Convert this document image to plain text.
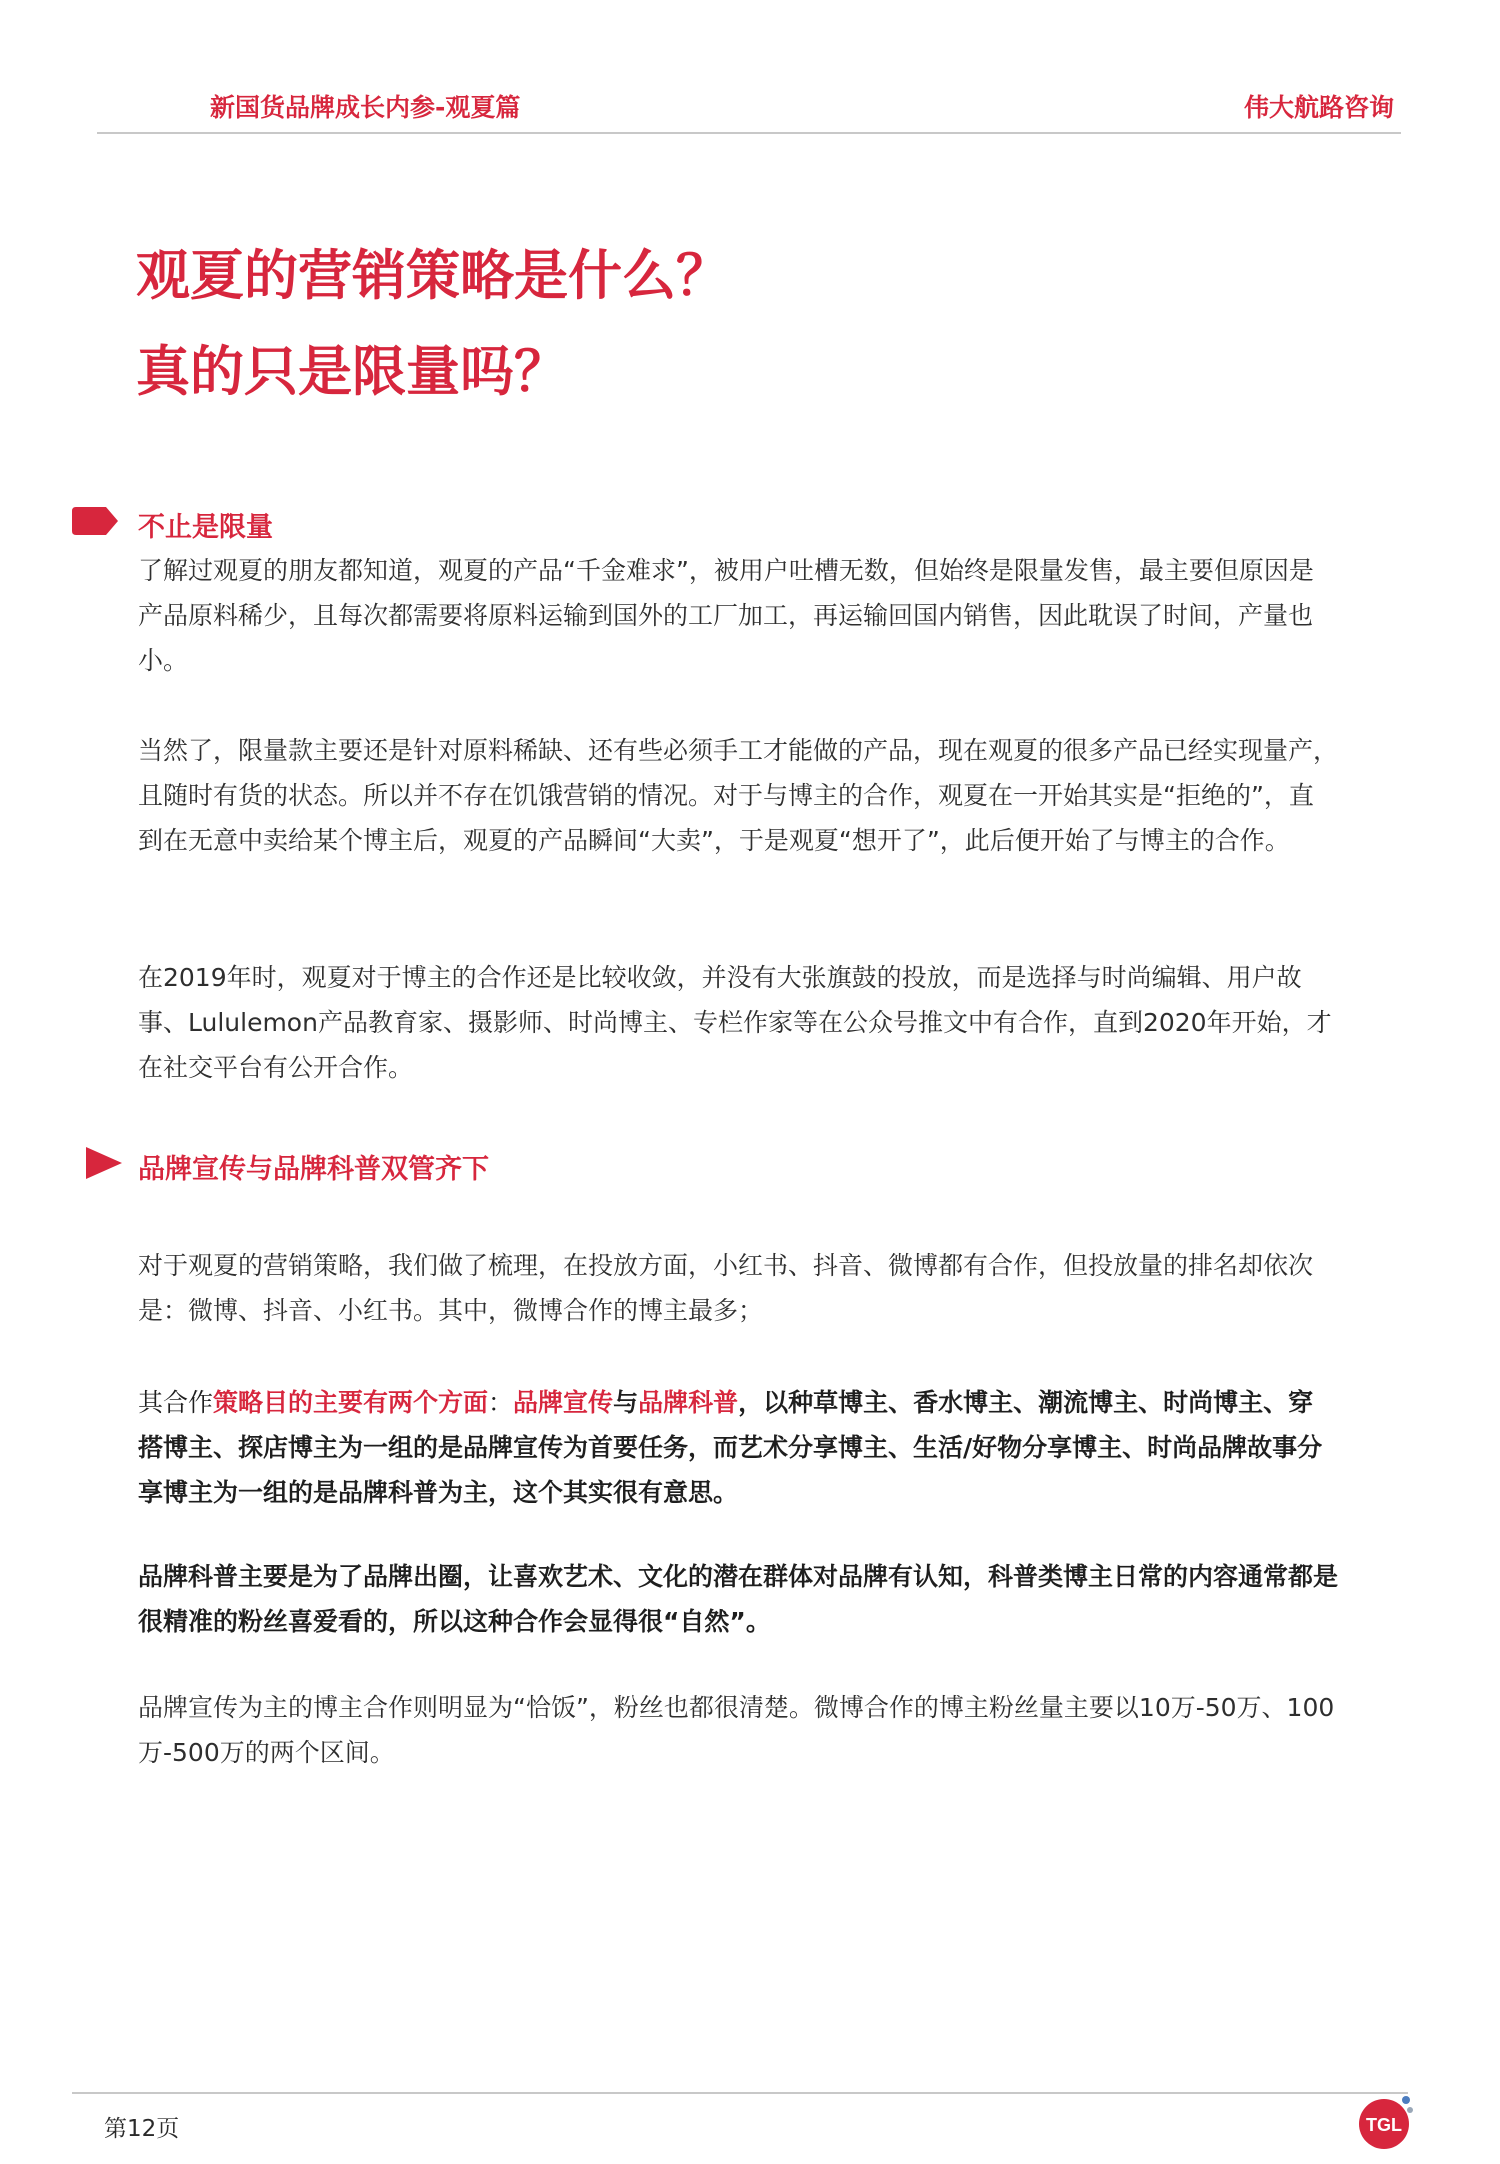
新国货品牌成长内参-观夏篇	伟大航路咨询
观夏的营销策略是什么？
真的只是限量吗？
不止是限量

了解过观夏的朋友都知道，观夏的产品“千金难求”，被用户吐槽无数，但始终是限量发售，最主要但原因是产品原料稀少，且每次都需要将原料运输到国外的工厂加工，再运输回国内销售，因此耽误了时间，产量也小。

当然了，限量款主要还是针对原料稀缺、还有些必须手工才能做的产品，现在观夏的很多产品已经实现量产，且随时有货的状态。所以并不存在饥饿营销的情况。对于与博主的合作，观夏在一开始其实是“拒绝的”，直到在无意中卖给某个博主后，观夏的产品瞬间“大卖”，于是观夏“想开了”，此后便开始了与博主的合作。

在2019年时，观夏对于博主的合作还是比较收敛，并没有大张旗鼓的投放，而是选择与时尚编辑、用户故事、Lululemon产品教育家、摄影师、时尚博主、专栏作家等在公众号推文中有合作，直到2020年开始，才在社交平台有公开合作。

品牌宣传与品牌科普双管齐下

对于观夏的营销策略，我们做了梳理，在投放方面，小红书、抖音、微博都有合作，但投放量的排名却依次是：微博、抖音、小红书。其中，微博合作的博主最多；

其合作策略目的主要有两个方面：品牌宣传与品牌科普，以种草博主、香水博主、潮流博主、时尚博主、穿搭博主、探店博主为一组的是品牌宣传为首要任务，而艺术分享博主、生活/好物分享博主、时尚品牌故事分享博主为一组的是品牌科普为主，这个其实很有意思。

品牌科普主要是为了品牌出圈，让喜欢艺术、文化的潜在群体对品牌有认知，科普类博主日常的内容通常都是很精准的粉丝喜爱看的，所以这种合作会显得很“自然”。

品牌宣传为主的博主合作则明显为“恰饭”，粉丝也都很清楚。微博合作的博主粉丝量主要以10万-50万、100万-500万的两个区间。

第12页	TGL
